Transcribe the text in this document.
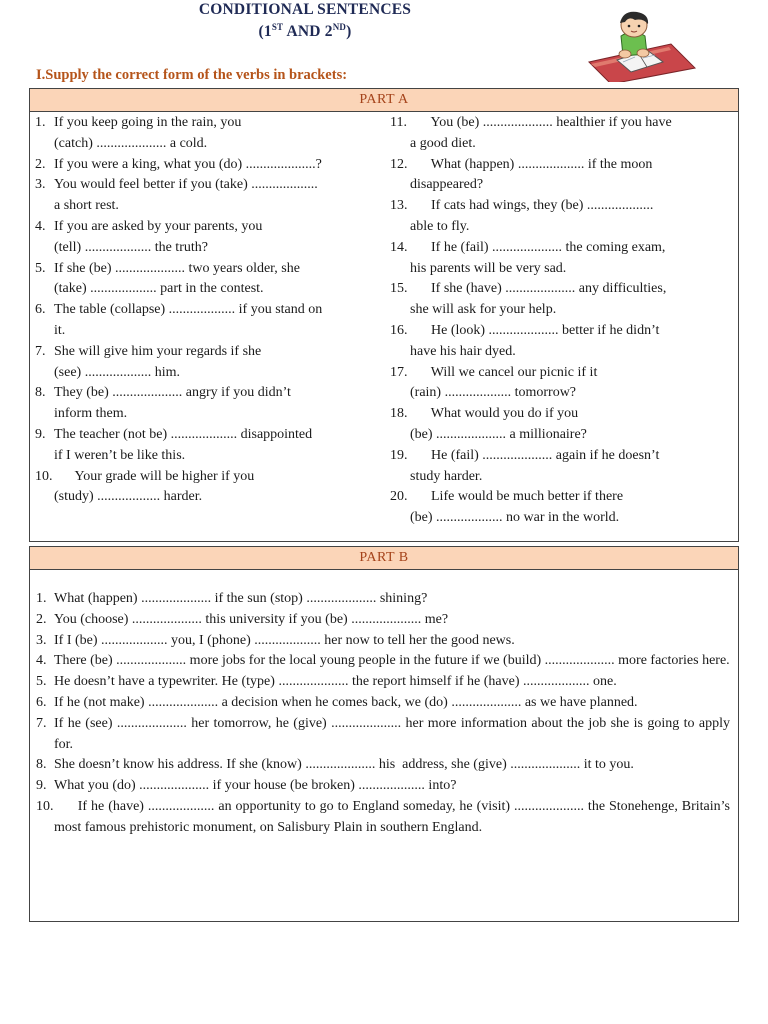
CONDITIONAL SENTENCES
(1ST AND 2ND)
I.Supply the correct form of the verbs in brackets:
PART A
1. If you keep going in the rain, you
(catch) .................... a cold.
2. If you were a king, what you (do) ....................?
3. You would feel better if you (take) ...................
a short rest.
4. If you are asked by your parents, you
(tell) ................... the truth?
5. If she (be) .................... two years older, she
(take) ................... part in the contest.
6. The table (collapse) ................... if you stand on
it.
7. She will give him your regards if she
(see) ................... him.
8. They (be) .................... angry if you didn’t
inform them.
9. The teacher (not be) ................... disappointed
if I weren’t be like this.
10. Your grade will be higher if you
(study) .................. harder.
11. You (be) .................... healthier if you have
a good diet.
12. What (happen) ................... if the moon
disappeared?
13. If cats had wings, they (be) ...................
able to fly.
14. If he (fail) .................... the coming exam,
his parents will be very sad.
15. If she (have) .................... any difficulties,
she will ask for your help.
16. He (look) .................... better if he didn’t
have his hair dyed.
17. Will we cancel our picnic if it
(rain) ................... tomorrow?
18. What would you do if you
(be) .................... a millionaire?
19. He (fail) .................... again if he doesn’t
study harder.
20. Life would be much better if there
(be) ................... no war in the world.
PART B
1. What (happen) .................... if the sun (stop) .................... shining?
2. You (choose) .................... this university if you (be) .................... me?
3. If I (be) ................... you, I (phone) ................... her now to tell her the good news.
4. There (be) .................... more jobs for the local young people in the future if we (build) .................... more factories here.
5. He doesn’t have a typewriter. He (type) .................... the report himself if he (have) ................... one.
6. If he (not make) .................... a decision when he comes back, we (do) .................... as we have planned.
7. If he (see) .................... her tomorrow, he (give) .................... her more information about the job she is going to apply for.
8. She doesn’t know his address. If she (know) .................... his  address, she (give) .................... it to you.
9. What you (do) .................... if your house (be broken) ................... into?
10. If he (have) ................... an opportunity to go to England someday, he (visit) .................... the Stonehenge, Britain’s most famous prehistoric monument, on Salisbury Plain in southern England.
